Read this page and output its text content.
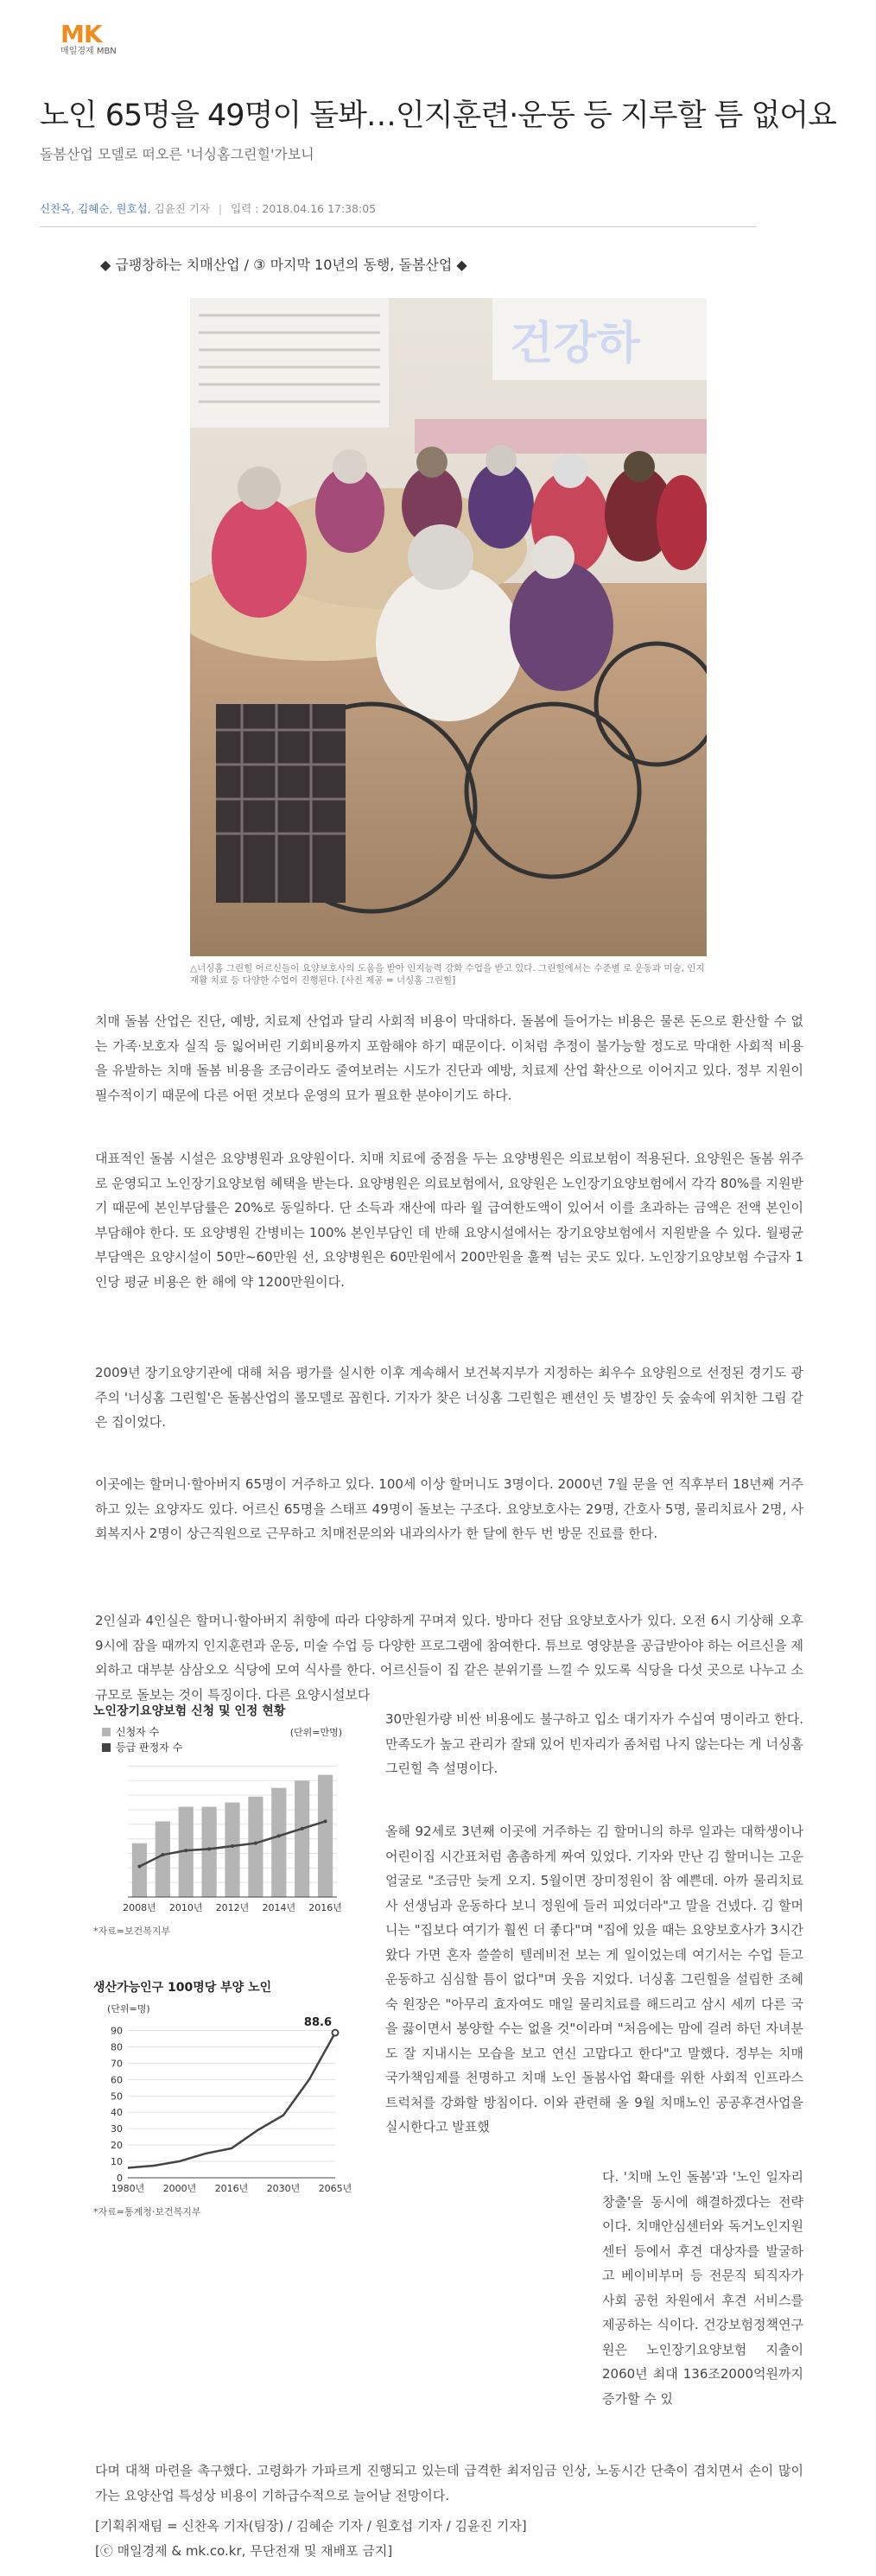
MK
매일경제 MBN
노인 65명을 49명이 돌봐…인지훈련·운동 등 지루할 틈 없어요
돌봄산업 모델로 떠오른 '너싱홈그린힐'가보니
신찬옥, 김혜순, 원호섭, 김윤진 기자 | 입력 : 2018.04.16 17:38:05
◆ 급팽창하는 치매산업 / ③ 마지막 10년의 동행, 돌봄산업 ◆
건강하
△너싱홈 그린힐 어르신들이 요양보호사의 도움을 받아 인지능력 강화 수업을 받고 있다. 그린힐에서는 수준별 로 운동과 미술, 인지재활 치료 등 다양한 수업이 진행된다. [사진 제공 = 너싱홈 그린힐]

치매 돌봄 산업은 진단, 예방, 치료제 산업과 달리 사회적 비용이 막대하다. 돌봄에 들어가는 비용은 물론 돈으로 환산할 수 없는 가족·보호자 실직 등 잃어버린 기회비용까지 포함해야 하기 때문이다. 이처럼 추정이 불가능할 정도로 막대한 사회적 비용을 유발하는 치매 돌봄 비용을 조금이라도 줄여보려는 시도가 진단과 예방, 치료제 산업 확산으로 이어지고 있다. 정부 지원이 필수적이기 때문에 다른 어떤 것보다 운영의 묘가 필요한 분야이기도 하다.

대표적인 돌봄 시설은 요양병원과 요양원이다. 치매 치료에 중점을 두는 요양병원은 의료보험이 적용된다. 요양원은 돌봄 위주로 운영되고 노인장기요양보험 혜택을 받는다. 요양병원은 의료보험에서, 요양원은 노인장기요양보험에서 각각 80%를 지원받기 때문에 본인부담률은 20%로 동일하다. 단 소득과 재산에 따라 월 급여한도액이 있어서 이를 초과하는 금액은 전액 본인이 부담해야 한다. 또 요양병원 간병비는 100% 본인부담인 데 반해 요양시설에서는 장기요양보험에서 지원받을 수 있다. 월평균 부담액은 요양시설이 50만~60만원 선, 요양병원은 60만원에서 200만원을 훌쩍 넘는 곳도 있다. 노인장기요양보험 수급자 1인당 평균 비용은 한 해에 약 1200만원이다.

2009년 장기요양기관에 대해 처음 평가를 실시한 이후 계속해서 보건복지부가 지정하는 최우수 요양원으로 선정된 경기도 광주의 '너싱홈 그린힐'은 돌봄산업의 롤모델로 꼽힌다. 기자가 찾은 너싱홈 그린힐은 펜션인 듯 별장인 듯 숲속에 위치한 그림 같은 집이었다.

이곳에는 할머니·할아버지 65명이 거주하고 있다. 100세 이상 할머니도 3명이다. 2000년 7월 문을 연 직후부터 18년째 거주하고 있는 요양자도 있다. 어르신 65명을 스태프 49명이 돌보는 구조다. 요양보호사는 29명, 간호사 5명, 물리치료사 2명, 사회복지사 2명이 상근직원으로 근무하고 치매전문의와 내과의사가 한 달에 한두 번 방문 진료를 한다.

2인실과 4인실은 할머니·할아버지 취향에 따라 다양하게 꾸며져 있다. 방마다 전담 요양보호사가 있다. 오전 6시 기상해 오후 9시에 잠을 때까지 인지훈련과 운동, 미술 수업 등 다양한 프로그램에 참여한다. 튜브로 영양분을 공급받아야 하는 어르신을 제외하고 대부분 삼삼오오 식당에 모여 식사를 한다. 어르신들이 집 같은 분위기를 느낄 수 있도록 식당을 다섯 곳으로 나누고 소규모로 돌보는 것이 특징이다. 다른 요양시설보다

노인장기요양보험 신청 및 인정 현황
신청자 수
등급 판정자 수
(단위=만명)
2008년 2010년 2012년 2014년 2016년
*자료=보건복지부
생산가능인구 100명당 부양 노인
(단위=명)
0
10
20
30
40
50
60
70
80
90
88.6
1980년 2000년 2016년 2030년 2065년
*자료=통계청·보건복지부

30만원가량 비싼 비용에도 불구하고 입소 대기자가 수십여 명이라고 한다. 만족도가 높고 관리가 잘돼 있어 빈자리가 좀처럼 나지 않는다는 게 너싱홈 그린힐 측 설명이다.

올해 92세로 3년째 이곳에 거주하는 김 할머니의 하루 일과는 대학생이나 어린이집 시간표처럼 촘촘하게 짜여 있었다. 기자와 만난 김 할머니는 고운 얼굴로 "조금만 늦게 오지. 5월이면 장미정원이 참 예쁜데. 아까 물리치료사 선생님과 운동하다 보니 정원에 들러 피었더라"고 말을 건넸다. 김 할머니는 "집보다 여기가 훨씬 더 좋다"며 "집에 있을 때는 요양보호사가 3시간 왔다 가면 혼자 쓸쓸히 텔레비전 보는 게 일이었는데 여기서는 수업 듣고 운동하고 심심할 틈이 없다"며 웃음 지었다. 너싱홈 그린힐을 설립한 조혜숙 원장은 "아무리 효자여도 매일 물리치료를 해드리고 삼시 세끼 다른 국을 끓이면서 봉양할 수는 없을 것"이라며 "처음에는 맘에 걸려 하던 자녀분도 잘 지내시는 모습을 보고 연신 고맙다고 한다"고 말했다. 정부는 치매 국가책임제를 천명하고 치매 노인 돌봄사업 확대를 위한 사회적 인프라스트럭처를 강화할 방침이다. 이와 관련해 올 9월 치매노인 공공후견사업을 실시한다고 발표했

다. '치매 노인 돌봄'과 '노인 일자리 창출'을 동시에 해결하겠다는 전략이다. 치매안심센터와 독거노인지원센터 등에서 후견 대상자를 발굴하고 베이비부머 등 전문직 퇴직자가 사회 공헌 차원에서 후견 서비스를 제공하는 식이다. 건강보험정책연구원은 노인장기요양보험 지출이 2060년 최대 136조2000억원까지 증가할 수 있

다며 대책 마련을 촉구했다. 고령화가 가파르게 진행되고 있는데 급격한 최저임금 인상, 노동시간 단축이 겹치면서 손이 많이 가는 요양산업 특성상 비용이 기하급수적으로 늘어날 전망이다.

[기획취재팀 = 신찬옥 기자(팀장) / 김혜순 기자 / 원호섭 기자 / 김윤진 기자]
[ⓒ 매일경제 & mk.co.kr, 무단전재 및 재배포 금지]
